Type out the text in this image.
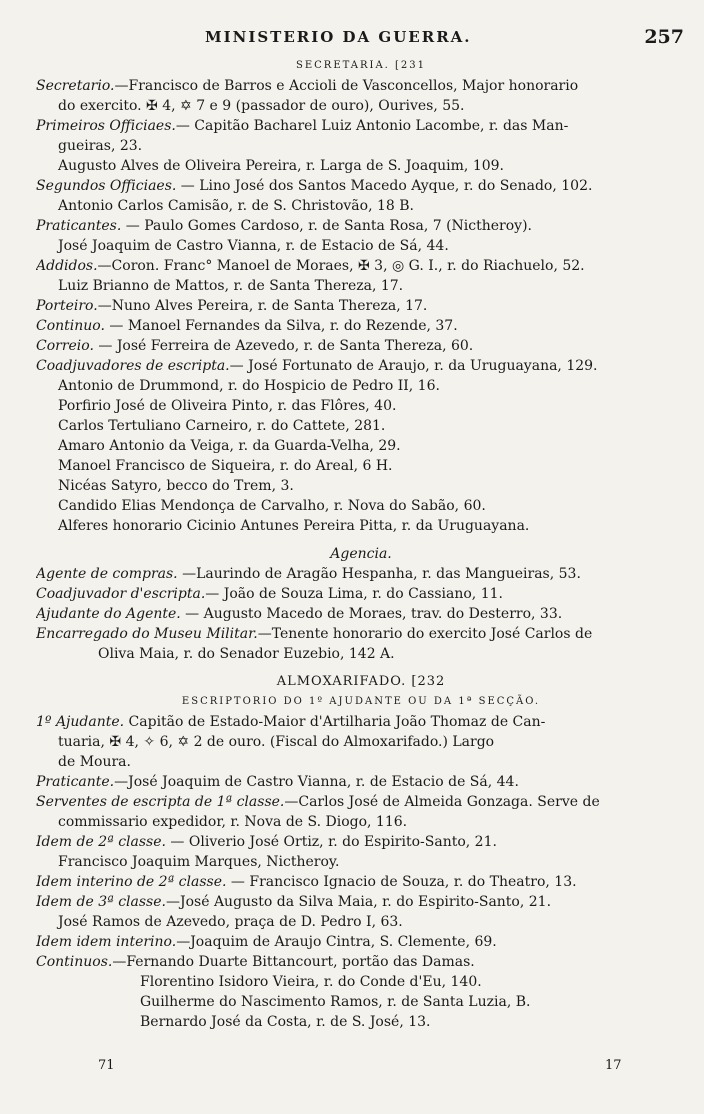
MINISTERIO DA GUERRA.	257
SECRETARIA. [231
Secretario.—Francisco de Barros e Accioli de Vasconcellos, Major honorario
do exercito. ✠ 4, ✡ 7 e 9 (passador de ouro), Ourives, 55.
Primeiros Officiaes.— Capitão Bacharel Luiz Antonio Lacombe, r. das Man-
gueiras, 23.
Augusto Alves de Oliveira Pereira, r. Larga de S. Joaquim, 109.
Segundos Officiaes. — Lino José dos Santos Macedo Ayque, r. do Senado, 102.
Antonio Carlos Camisão, r. de S. Christovão, 18 B.
Praticantes. — Paulo Gomes Cardoso, r. de Santa Rosa, 7 (Nictheroy).
José Joaquim de Castro Vianna, r. de Estacio de Sá, 44.
Addidos.—Coron. Franc° Manoel de Moraes, ✠ 3, ◎ G. I., r. do Riachuelo, 52.
Luiz Brianno de Mattos, r. de Santa Thereza, 17.
Porteiro.—Nuno Alves Pereira, r. de Santa Thereza, 17.
Continuo. — Manoel Fernandes da Silva, r. do Rezende, 37.
Correio. — José Ferreira de Azevedo, r. de Santa Thereza, 60.
Coadjuvadores de escripta.— José Fortunato de Araujo, r. da Uruguayana, 129.
Antonio de Drummond, r. do Hospicio de Pedro II, 16.
Porfirio José de Oliveira Pinto, r. das Flôres, 40.
Carlos Tertuliano Carneiro, r. do Cattete, 281.
Amaro Antonio da Veiga, r. da Guarda-Velha, 29.
Manoel Francisco de Siqueira, r. do Areal, 6 H.
Nicéas Satyro, becco do Trem, 3.
Candido Elias Mendonça de Carvalho, r. Nova do Sabão, 60.
Alferes honorario Cicinio Antunes Pereira Pitta, r. da Uruguayana.
Agencia.
Agente de compras. —Laurindo de Aragão Hespanha, r. das Mangueiras, 53.
Coadjuvador d'escripta.— João de Souza Lima, r. do Cassiano, 11.
Ajudante do Agente. — Augusto Macedo de Moraes, trav. do Desterro, 33.
Encarregado do Museu Militar.—Tenente honorario do exercito José Carlos de
Oliva Maia, r. do Senador Euzebio, 142 A.
ALMOXARIFADO. [232
ESCRIPTORIO DO 1º AJUDANTE OU DA 1ª SECÇÃO.
1º Ajudante. Capitão de Estado-Maior d'Artilharia João Thomaz de Can-
tuaria, ✠ 4, ✧ 6, ✡ 2 de ouro. (Fiscal do Almoxarifado.) Largo
de Moura.
Praticante.—José Joaquim de Castro Vianna, r. de Estacio de Sá, 44.
Serventes de escripta de 1ª classe.—Carlos José de Almeida Gonzaga. Serve de
commissario expedidor, r. Nova de S. Diogo, 116.
Idem de 2ª classe. — Oliverio José Ortiz, r. do Espirito-Santo, 21.
Francisco Joaquim Marques, Nictheroy.
Idem interino de 2ª classe. — Francisco Ignacio de Souza, r. do Theatro, 13.
Idem de 3ª classe.—José Augusto da Silva Maia, r. do Espirito-Santo, 21.
José Ramos de Azevedo, praça de D. Pedro I, 63.
Idem idem interino.—Joaquim de Araujo Cintra, S. Clemente, 69.
Continuos.—Fernando Duarte Bittancourt, portão das Damas.
Florentino Isidoro Vieira, r. do Conde d'Eu, 140.
Guilherme do Nascimento Ramos, r. de Santa Luzia, B.
Bernardo José da Costa, r. de S. José, 13.
71	17
